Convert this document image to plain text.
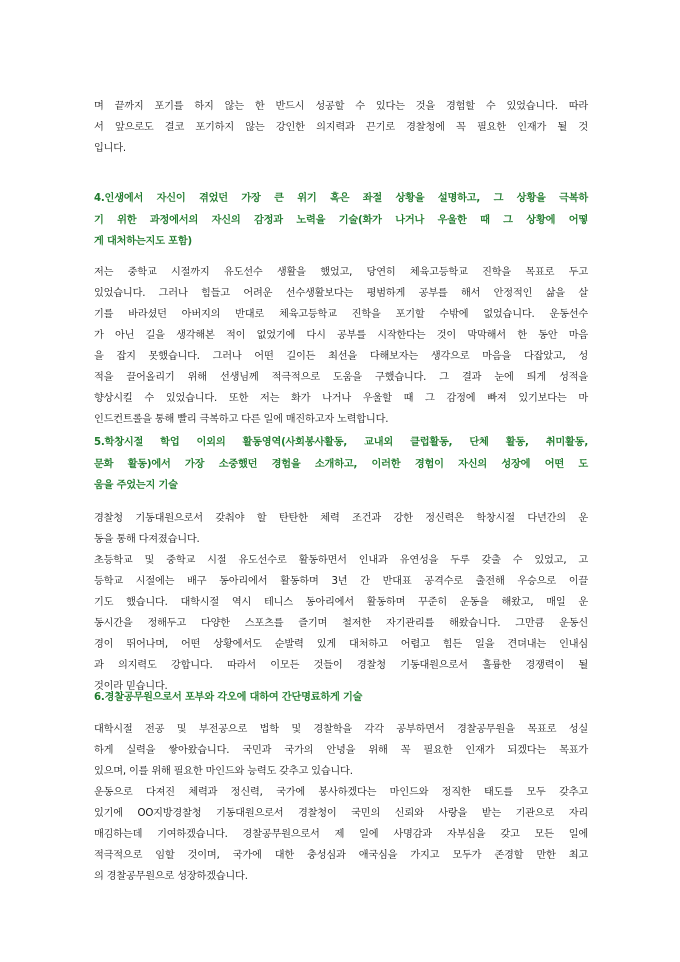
며 끝까지 포기를 하지 않는 한 반드시 성공할 수 있다는 것을 경험할 수 있었습니다. 따라
서 앞으로도 결코 포기하지 않는 강인한 의지력과 끈기로 경찰청에 꼭 필요한 인재가 될 것
입니다.
4.인생에서 자신이 겪었던 가장 큰 위기 혹은 좌절 상황을 설명하고, 그 상황을 극복하
기 위한 과정에서의 자신의 감정과 노력을 기술(화가 나거나 우울한 때 그 상황에 어떻
게 대처하는지도 포함)
저는 중학교 시절까지 유도선수 생활을 했었고, 당연히 체육고등학교 진학을 목표로 두고
있었습니다. 그러나 힘들고 어려운 선수생활보다는 평범하게 공부를 해서 안정적인 삶을 살
기를 바라셨던 아버지의 반대로 체육고등학교 진학을 포기할 수밖에 없었습니다. 운동선수
가 아닌 길을 생각해본 적이 없었기에 다시 공부를 시작한다는 것이 막막해서 한 동안 마음
을 잡지 못했습니다. 그러나 어떤 길이든 최선을 다해보자는 생각으로 마음을 다잡았고, 성
적을 끌어올리기 위해 선생님께 적극적으로 도움을 구했습니다. 그 결과 눈에 띄게 성적을
향상시킬 수 있었습니다. 또한 저는 화가 나거나 우울할 때 그 감정에 빠져 있기보다는 마
인드컨트롤을 통해 빨리 극복하고 다른 일에 매진하고자 노력합니다.
5.학창시절 학업 이외의 활동영역(사회봉사활동, 교내외 클럽활동, 단체 활동, 취미활동,
문화 활동)에서 가장 소중했던 경험을 소개하고, 이러한 경험이 자신의 성장에 어떤 도
움을 주었는지 기술
경찰청 기동대원으로서 갖춰야 할 탄탄한 체력 조건과 강한 정신력은 학창시절 다년간의 운
동을 통해 다져졌습니다.
초등학교 및 중학교 시절 유도선수로 활동하면서 인내과 유연성을 두루 갖출 수 있었고, 고
등학교 시절에는 배구 동아리에서 활동하며 3년 간 반대표 공격수로 출전해 우승으로 이끌
기도 했습니다. 대학시절 역시 테니스 동아리에서 활동하며 꾸준히 운동을 해왔고, 매일 운
동시간을 정해두고 다양한 스포츠를 즐기며 철저한 자기관리를 해왔습니다. 그만큼 운동신
경이 뛰어나며, 어떤 상황에서도 순발력 있게 대처하고 어렵고 힘든 일을 견뎌내는 인내심
과 의지력도 강합니다. 따라서 이모든 것들이 경찰청 기동대원으로서 훌륭한 경쟁력이 될
것이라 믿습니다.
6.경찰공무원으로서 포부와 각오에 대하여 간단명료하게 기술
대학시절 전공 및 부전공으로 법학 및 경찰학을 각각 공부하면서 경찰공무원을 목표로 성실
하게 실력을 쌓아왔습니다. 국민과 국가의 안녕을 위해 꼭 필요한 인재가 되겠다는 목표가
있으며, 이를 위해 필요한 마인드와 능력도 갖추고 있습니다.
운동으로 다져진 체력과 정신력, 국가에 봉사하겠다는 마인드와 정직한 태도를 모두 갖추고
있기에 OO지방경찰청 기동대원으로서 경찰청이 국민의 신뢰와 사랑을 받는 기관으로 자리
매김하는데 기여하겠습니다. 경찰공무원으로서 제 일에 사명감과 자부심을 갖고 모든 일에
적극적으로 임할 것이며, 국가에 대한 충성심과 애국심을 가지고 모두가 존경할 만한 최고
의 경찰공무원으로 성장하겠습니다.
